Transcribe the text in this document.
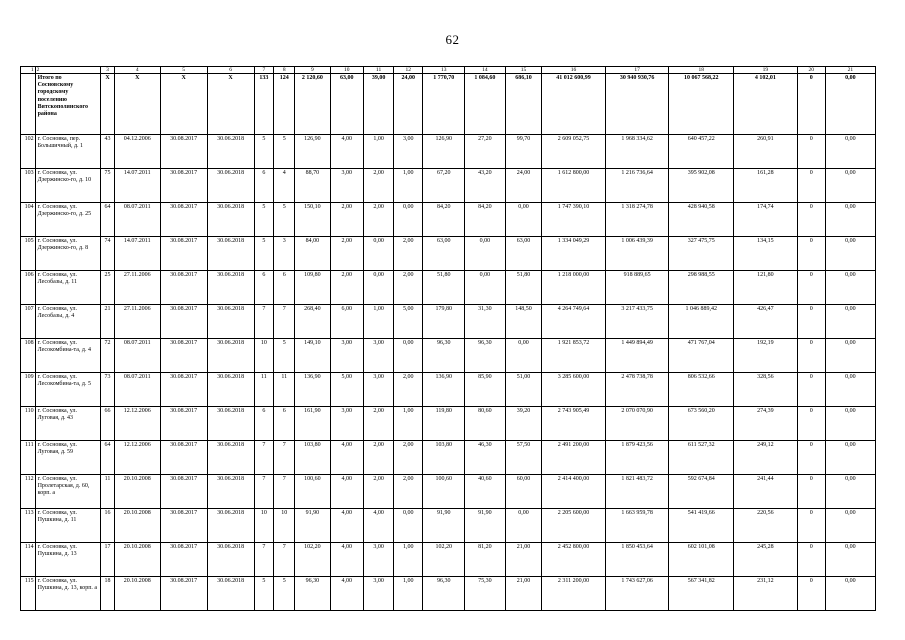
62
1	2	3	4	5	6	7	8	9	10	11	12	13	14	15	16	17	18	19	20	21
	Итого по Сосновскому городскому поселению Вятскополянского района	Х	Х	Х	Х	133	124	2 120,60	63,00	39,00	24,00	1 770,70	1 084,60	686,10	41 012 600,99	30 940 930,76	10 067 568,22	4 102,01	0	0,00
102	г. Сосновка, пер. Большичный, д. 1	43	04.12.2006	30.08.2017	30.06.2018	5	5	126,90	4,00	1,00	3,00	126,90	27,20	99,70	2 609 052,75	1 968 334,62	640 457,22	260,91	0	0,00
103	г. Сосновка, ул. Дзержинско-го, д. 10	75	14.07.2011	30.08.2017	30.06.2018	6	4	88,70	3,00	2,00	1,00	67,20	43,20	24,00	1 612 800,00	1 216 736,64	395 902,08	161,28	0	0,00
104	г. Сосновка, ул. Дзержинско-го, д. 25	64	08.07.2011	30.08.2017	30.06.2018	5	5	150,10	2,00	2,00	0,00	84,20	84,20	0,00	1 747 390,10	1 318 274,78	428 940,58	174,74	0	0,00
105	г. Сосновка, ул. Дзержинско-го, д. 8	74	14.07.2011	30.08.2017	30.06.2018	5	3	84,00	2,00	0,00	2,00	63,00	0,00	63,00	1 334 049,29	1 006 439,39	327 475,75	134,15	0	0,00
106	г. Сосновка, ул. Лесобазы, д. 11	25	27.11.2006	30.08.2017	30.06.2018	6	6	109,80	2,00	0,00	2,00	51,80	0,00	51,80	1 218 000,00	918 889,65	298 988,55	121,80	0	0,00
107	г. Сосновка, ул. Лесобазы, д. 4	21	27.11.2006	30.08.2017	30.06.2018	7	7	268,40	6,00	1,00	5,00	179,80	31,30	148,50	4 264 749,64	3 217 433,75	1 046 889,42	426,47	0	0,00
108	г. Сосновка, ул. Лесокомбина-та, д. 4	72	08.07.2011	30.08.2017	30.06.2018	10	5	149,10	3,00	3,00	0,00	96,30	96,30	0,00	1 921 853,72	1 449 894,49	471 767,04	192,19	0	0,00
109	г. Сосновка, ул. Лесокомбина-та, д. 5	73	08.07.2011	30.08.2017	30.06.2018	11	11	136,90	5,00	3,00	2,00	136,90	85,90	51,00	3 285 600,00	2 478 738,78	806 532,66	328,56	0	0,00
110	г. Сосновка, ул. Луговая, д. 43	66	12.12.2006	30.08.2017	30.06.2018	6	6	161,90	3,00	2,00	1,00	119,80	80,60	39,20	2 743 905,49	2 070 070,90	673 560,20	274,39	0	0,00
111	г. Сосновка, ул. Луговая, д. 59	64	12.12.2006	30.08.2017	30.06.2018	7	7	103,80	4,00	2,00	2,00	103,80	46,30	57,50	2 491 200,00	1 879 423,56	611 527,32	249,12	0	0,00
112	г. Сосновка, ул. Пролетарская, д. 60, корп. а	11	20.10.2008	30.08.2017	30.06.2018	7	7	100,60	4,00	2,00	2,00	100,60	40,60	60,00	2 414 400,00	1 821 483,72	592 674,84	241,44	0	0,00
113	г. Сосновка, ул. Пушкина, д. 11	16	20.10.2008	30.08.2017	30.06.2018	10	10	91,90	4,00	4,00	0,00	91,90	91,90	0,00	2 205 600,00	1 663 959,78	541 419,66	220,56	0	0,00
114	г. Сосновка, ул. Пушкина, д. 13	17	20.10.2008	30.08.2017	30.06.2018	7	7	102,20	4,00	3,00	1,00	102,20	81,20	21,00	2 452 800,00	1 850 453,64	602 101,08	245,28	0	0,00
115	г. Сосновка, ул. Пушкина, д. 13, корп. а	18	20.10.2008	30.08.2017	30.06.2018	5	5	96,30	4,00	3,00	1,00	96,30	75,30	21,00	2 311 200,00	1 743 627,06	567 341,82	231,12	0	0,00
